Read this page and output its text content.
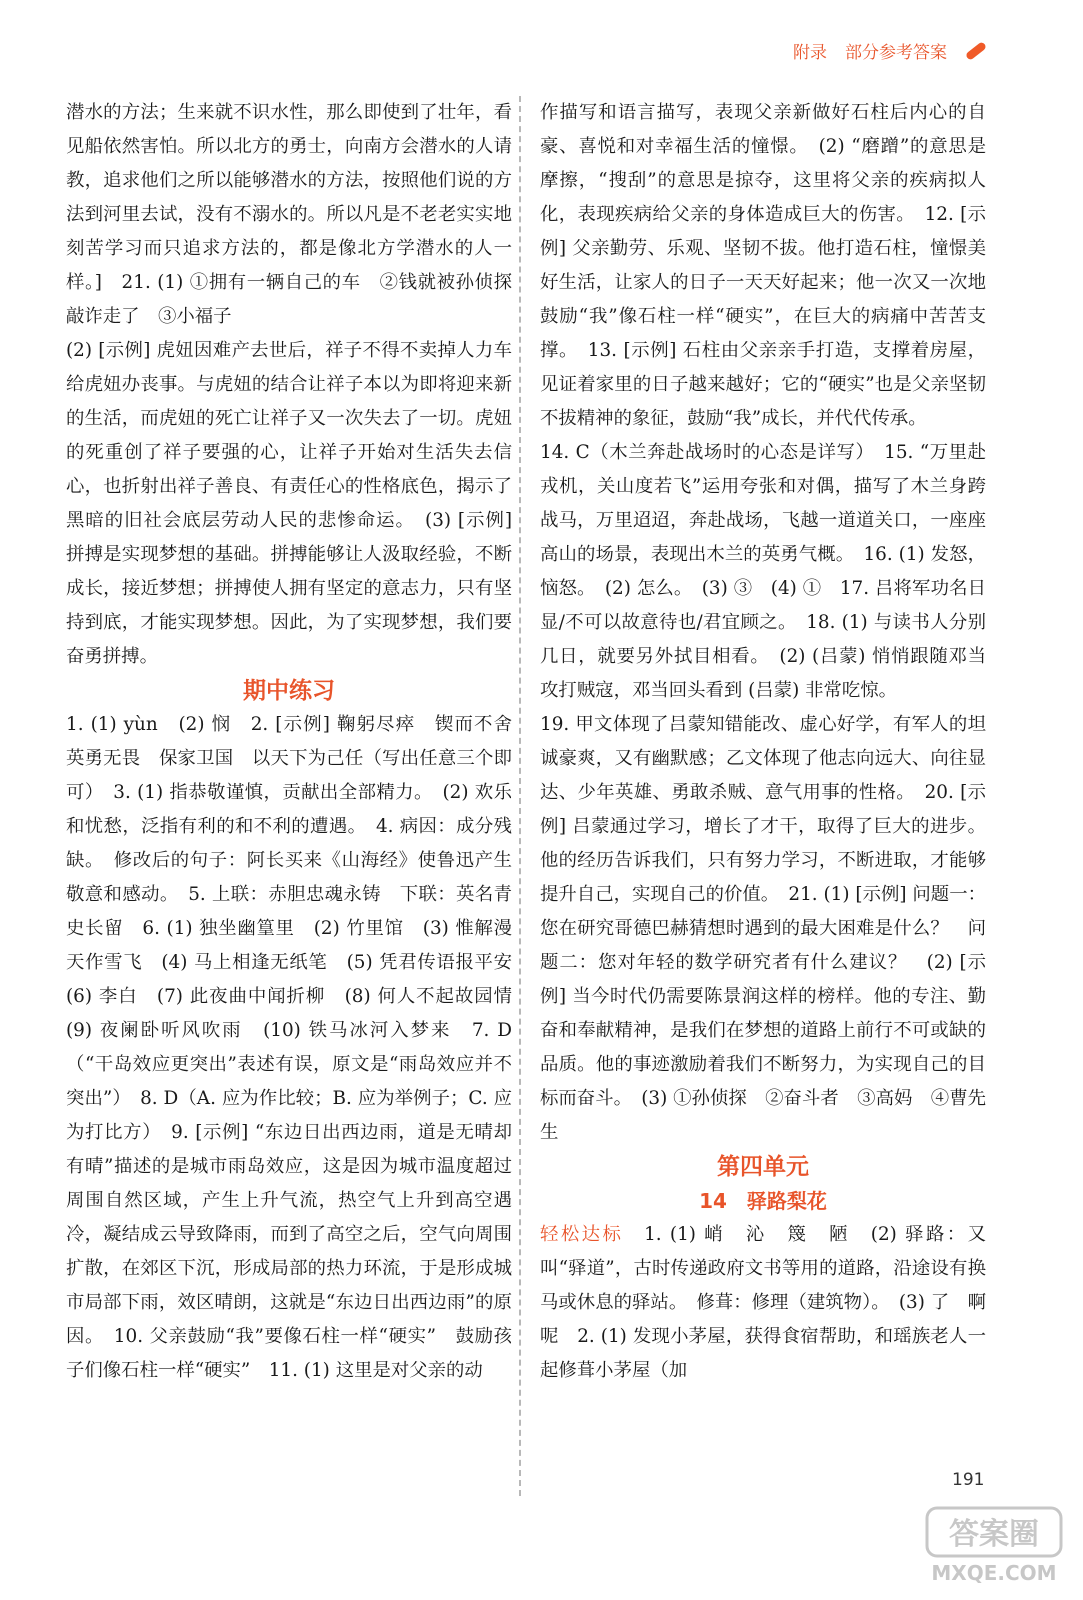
附录 部分参考答案

潜水的方法；生来就不识水性，那么即使到了壮年，看见船依然害怕。所以北方的勇士，向南方会潜水的人请教，追求他们之所以能够潜水的方法，按照他们说的方法到河里去试，没有不溺水的。所以凡是不老老实实地刻苦学习而只追求方法的，都是像北方学潜水的人一样。]　21. (1) ①拥有一辆自己的车　②钱就被孙侦探敲诈走了　③小福子

(2) [示例] 虎妞因难产去世后，祥子不得不卖掉人力车给虎妞办丧事。与虎妞的结合让祥子本以为即将迎来新的生活，而虎妞的死亡让祥子又一次失去了一切。虎妞的死重创了祥子要强的心，让祥子开始对生活失去信心，也折射出祥子善良、有责任心的性格底色，揭示了黑暗的旧社会底层劳动人民的悲惨命运。　(3) [示例] 拼搏是实现梦想的基础。拼搏能够让人汲取经验，不断成长，接近梦想；拼搏使人拥有坚定的意志力，只有坚持到底，才能实现梦想。因此，为了实现梦想，我们要奋勇拼搏。

期中练习

1. (1) yùn　(2) 悯　2. [示例] 鞠躬尽瘁　锲而不舍　英勇无畏　保家卫国　以天下为己任（写出任意三个即可）　3. (1) 指恭敬谨慎，贡献出全部精力。　(2) 欢乐和忧愁，泛指有利的和不利的遭遇。　4. 病因：成分残缺。　修改后的句子：阿长买来《山海经》使鲁迅产生敬意和感动。　5. 上联：赤胆忠魂永铸　下联：英名青史长留　6. (1) 独坐幽篁里　(2) 竹里馆　(3) 惟解漫天作雪飞　(4) 马上相逢无纸笔　(5) 凭君传语报平安　(6) 李白　(7) 此夜曲中闻折柳　(8) 何人不起故园情　(9) 夜阑卧听风吹雨　(10) 铁马冰河入梦来　7. D（“干岛效应更突出”表述有误，原文是“雨岛效应并不突出”）　8. D（A. 应为作比较；B. 应为举例子；C. 应为打比方）　9. [示例] “东边日出西边雨，道是无晴却有晴”描述的是城市雨岛效应，这是因为城市温度超过周围自然区域，产生上升气流，热空气上升到高空遇冷，凝结成云导致降雨，而到了高空之后，空气向周围扩散，在郊区下沉，形成局部的热力环流，于是形成城市局部下雨，效区晴朗，这就是“东边日出西边雨”的原因。　10. 父亲鼓励“我”要像石柱一样“硬实”　鼓励孩子们像石柱一样“硬实”　11. (1) 这里是对父亲的动

作描写和语言描写，表现父亲新做好石柱后内心的自豪、喜悦和对幸福生活的憧憬。　(2) “磨蹭”的意思是摩擦，“搜刮”的意思是掠夺，这里将父亲的疾病拟人化，表现疾病给父亲的身体造成巨大的伤害。　12. [示例] 父亲勤劳、乐观、坚韧不拔。他打造石柱，憧憬美好生活，让家人的日子一天天好起来；他一次又一次地鼓励“我”像石柱一样“硬实”，在巨大的病痛中苦苦支撑。　13. [示例] 石柱由父亲亲手打造，支撑着房屋，见证着家里的日子越来越好；它的“硬实”也是父亲坚韧不拔精神的象征，鼓励“我”成长，并代代传承。

14. C（木兰奔赴战场时的心态是详写）　15. “万里赴戎机，关山度若飞”运用夸张和对偶，描写了木兰身跨战马，万里迢迢，奔赴战场，飞越一道道关口，一座座高山的场景，表现出木兰的英勇气概。　16. (1) 发怒，恼怒。　(2) 怎么。　(3) ③　(4) ①　17. 吕将军功名日显/不可以故意待也/君宜顾之。　18. (1) 与读书人分别几日，就要另外拭目相看。　(2) (吕蒙) 悄悄跟随邓当攻打贼寇，邓当回头看到 (吕蒙) 非常吃惊。

19. 甲文体现了吕蒙知错能改、虚心好学，有军人的坦诚豪爽，又有幽默感；乙文体现了他志向远大、向往显达、少年英雄、勇敢杀贼、意气用事的性格。　20. [示例] 吕蒙通过学习，增长了才干，取得了巨大的进步。他的经历告诉我们，只有努力学习，不断进取，才能够提升自己，实现自己的价值。　21. (1) [示例] 问题一：您在研究哥德巴赫猜想时遇到的最大困难是什么？　问题二：您对年轻的数学研究者有什么建议？　(2) [示例] 当今时代仍需要陈景润这样的榜样。他的专注、勤奋和奉献精神，是我们在梦想的道路上前行不可或缺的品质。他的事迹激励着我们不断努力，为实现自己的目标而奋斗。　(3) ①孙侦探　②奋斗者　③高妈　④曹先生

第四单元
14　驿路梨花

轻松达标　1. (1) 峭　沁　篾　陋　(2) 驿路：又叫“驿道”，古时传递政府文书等用的道路，沿途设有换马或休息的驿站。　修葺：修理（建筑物）。　(3) 了　啊　呢　2. (1) 发现小茅屋，获得食宿帮助，和瑶族老人一起修葺小茅屋（加

191
答案圈
MXQE.COM
